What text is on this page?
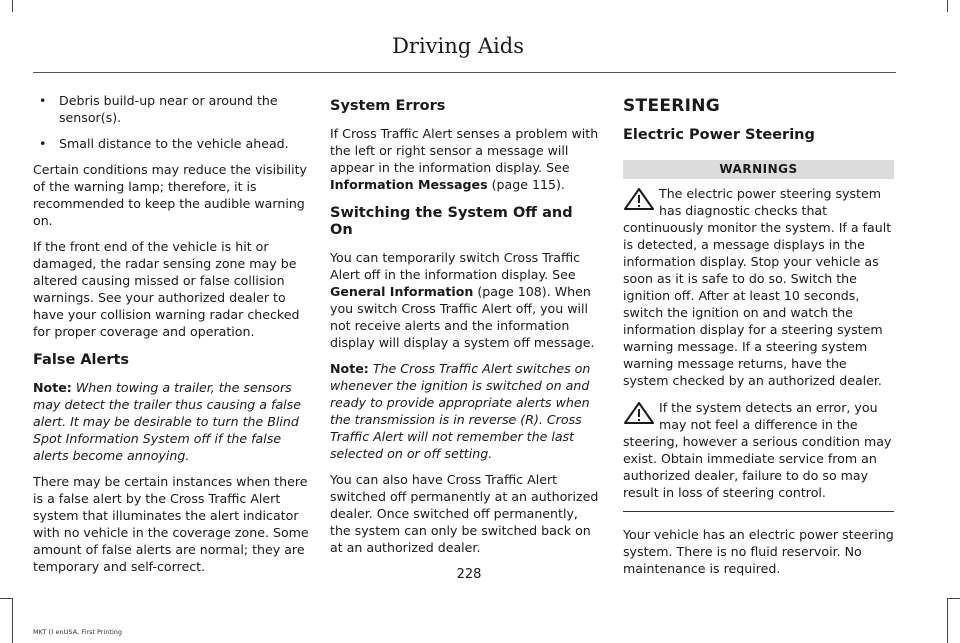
Driving Aids
• Debris build-up near or around the sensor(s).
• Small distance to the vehicle ahead.

Certain conditions may reduce the visibility of the warning lamp; therefore, it is recommended to keep the audible warning on.

If the front end of the vehicle is hit or damaged, the radar sensing zone may be altered causing missed or false collision warnings. See your authorized dealer to have your collision warning radar checked for proper coverage and operation.

False Alerts

Note: When towing a trailer, the sensors may detect the trailer thus causing a false alert. It may be desirable to turn the Blind Spot Information System off if the false alerts become annoying.

There may be certain instances when there is a false alert by the Cross Traffic Alert system that illuminates the alert indicator with no vehicle in the coverage zone. Some amount of false alerts are normal; they are temporary and self-correct.

System Errors

If Cross Traffic Alert senses a problem with the left or right sensor a message will appear in the information display. See Information Messages (page 115).

Switching the System Off and On

You can temporarily switch Cross Traffic Alert off in the information display. See General Information (page 108). When you switch Cross Traffic Alert off, you will not receive alerts and the information display will display a system off message.

Note: The Cross Traffic Alert switches on whenever the ignition is switched on and ready to provide appropriate alerts when the transmission is in reverse (R). Cross Traffic Alert will not remember the last selected on or off setting.

You can also have Cross Traffic Alert switched off permanently at an authorized dealer. Once switched off permanently, the system can only be switched back on at an authorized dealer.

STEERING
Electric Power Steering
WARNINGS

The electric power steering system has diagnostic checks that continuously monitor the system. If a fault is detected, a message displays in the information display. Stop your vehicle as soon as it is safe to do so. Switch the ignition off. After at least 10 seconds, switch the ignition on and watch the information display for a steering system warning message. If a steering system warning message returns, have the system checked by an authorized dealer.

If the system detects an error, you may not feel a difference in the steering, however a serious condition may exist. Obtain immediate service from an authorized dealer, failure to do so may result in loss of steering control.

Your vehicle has an electric power steering system. There is no fluid reservoir. No maintenance is required.

228
MKT () enUSA, First Printing
